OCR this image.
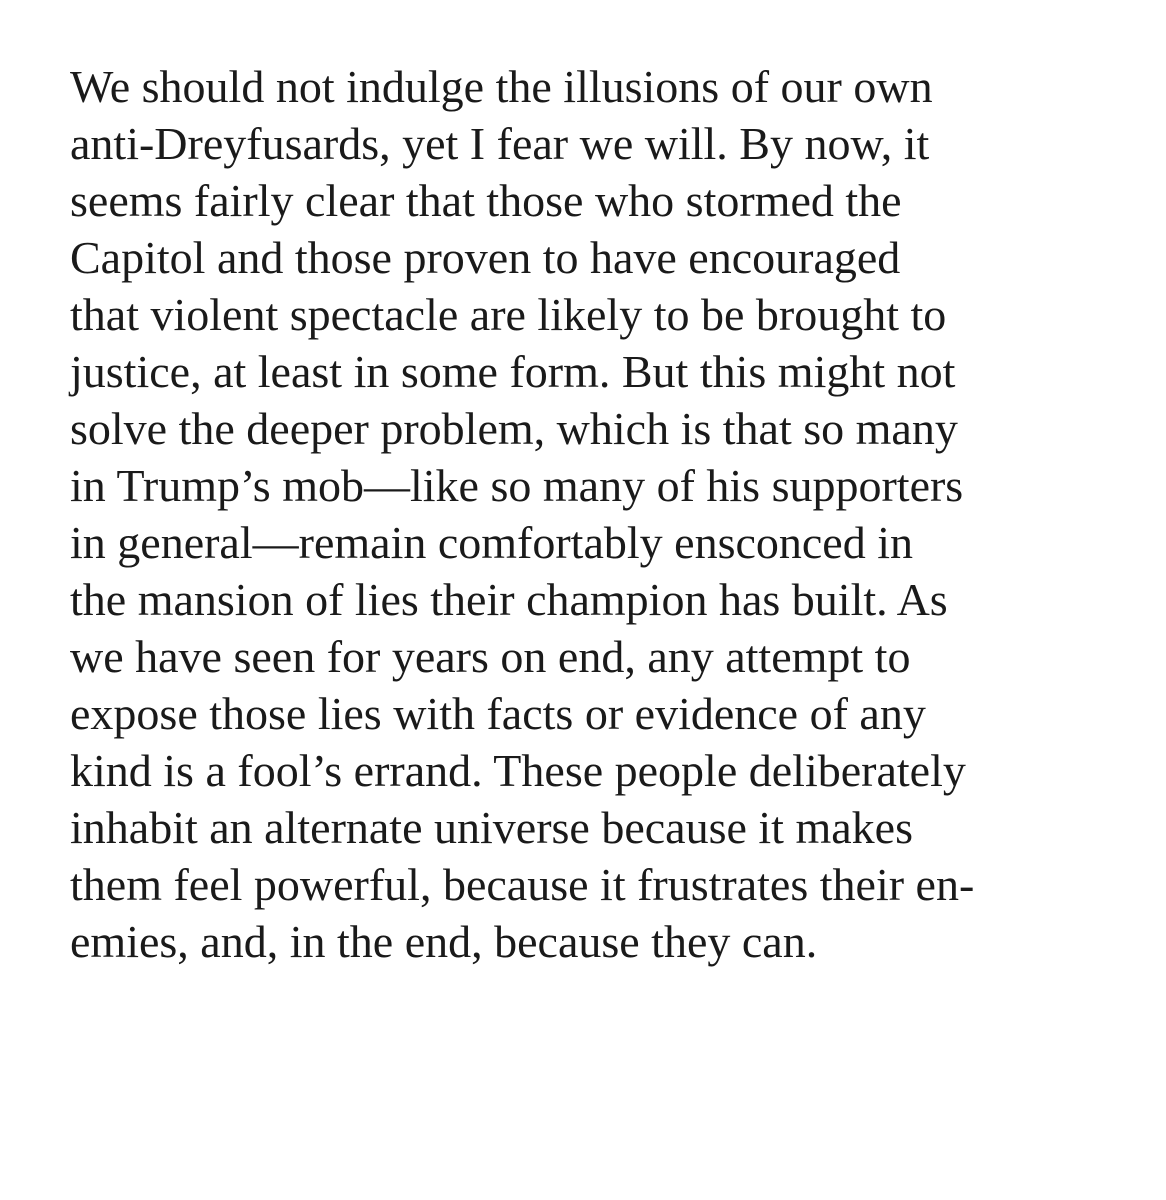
We should not indulge the illusions of our own
anti-Dreyfusards, yet I fear we will. By now, it
seems fairly clear that those who stormed the
Capitol and those proven to have encouraged
that violent spectacle are likely to be brought to
justice, at least in some form. But this might not
solve the deeper problem, which is that so many
in Trump’s mob—like so many of his supporters
in general—remain comfortably ensconced in
the mansion of lies their champion has built. As
we have seen for years on end, any attempt to
expose those lies with facts or evidence of any
kind is a fool’s errand. These people deliberately
inhabit an alternate universe because it makes
them feel powerful, because it frustrates their en-
emies, and, in the end, because they can.
